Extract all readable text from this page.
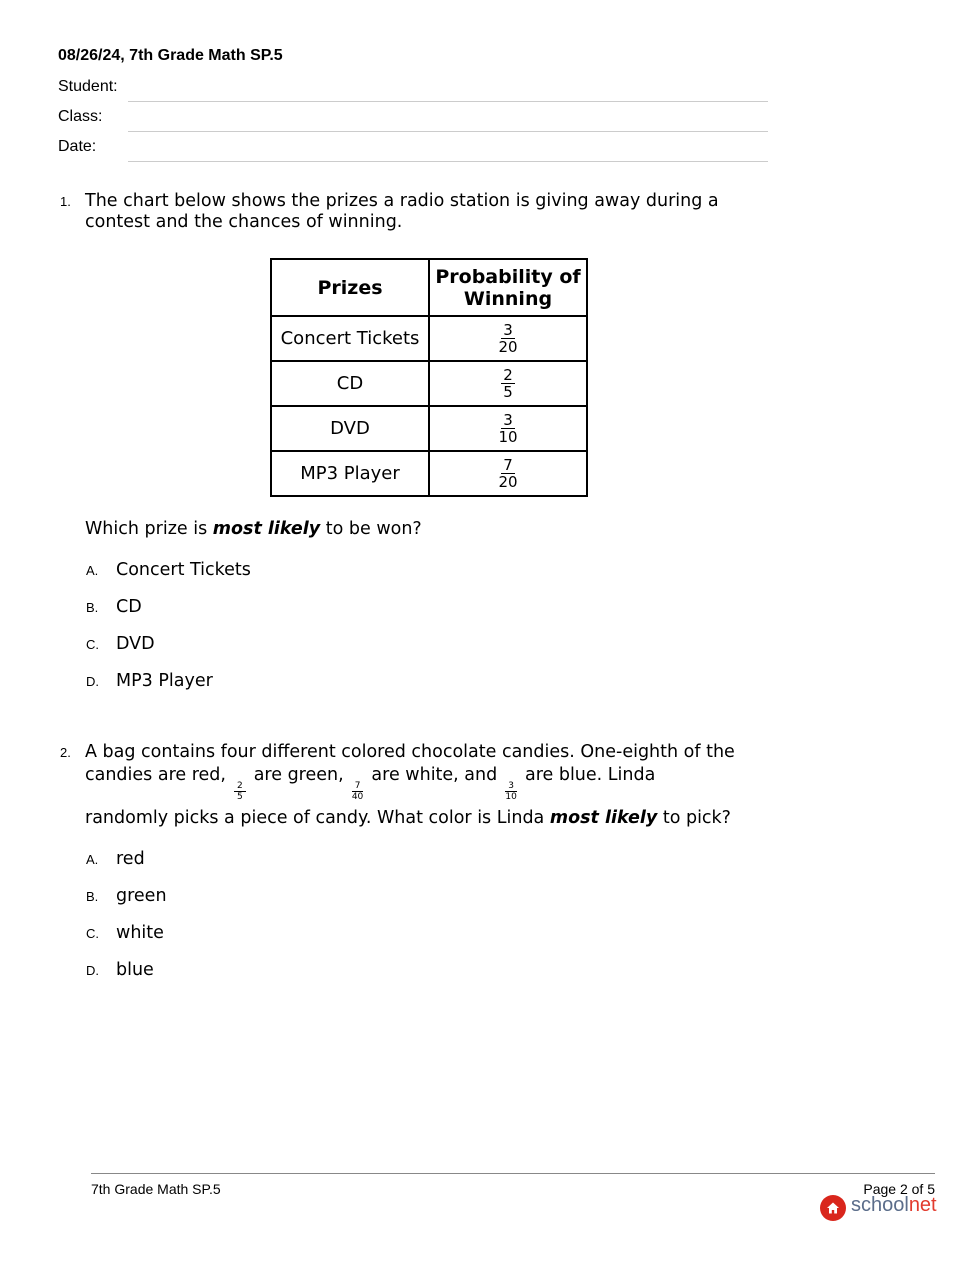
08/26/24, 7th Grade Math SP.5
Student:
Class:
Date:
1. The chart below shows the prizes a radio station is giving away during a contest and the chances of winning.
Prizes	Probability of Winning
Concert Tickets	$\frac{3}{20}$

CD	$\frac{2}{5}$

DVD	$\frac{3}{10}$

MP3 Player	$\frac{7}{20}$
Which prize is most likely to be won?
A. Concert Tickets
B. CD
C. DVD
D. MP3 Player
2. A bag contains four different colored chocolate candies. One-eighth of the
candies are red,
$\frac{2}{5}$
are green,
$\frac{7}{40}$
are white, and
$\frac{3}{10}$
are blue. Linda
randomly picks a piece of candy. What color is Linda most likely to pick?
A. red
B. green
C. white
D. blue
7th Grade Math SP.5	Page 2 of 5
schoolnet
